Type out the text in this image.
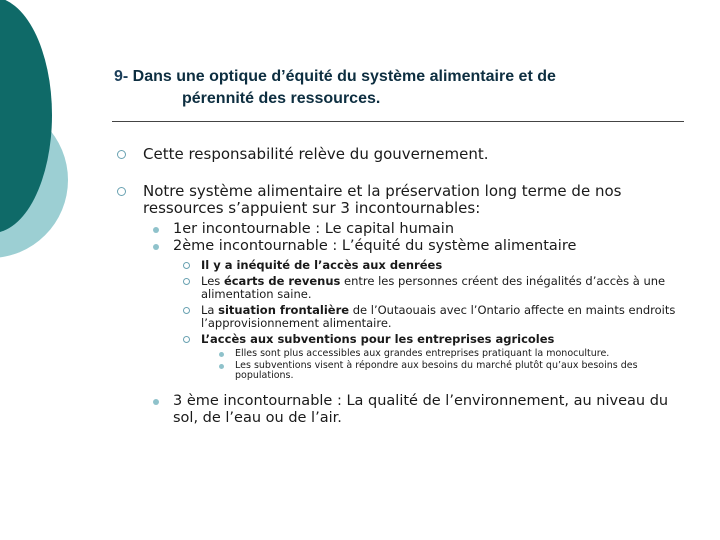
9- Dans une optique d’équité du système alimentaire et de
pérennité des ressources.
Cette responsabilité relève du gouvernement.
Notre système alimentaire et la préservation long terme de nos ressources s’appuient sur 3 incontournables:
1er incontournable : Le capital humain
2ème incontournable : L’équité du système alimentaire
Il y a inéquité de l’accès aux denrées
Les écarts de revenus entre les personnes créent des inégalités d’accès à une alimentation saine.
La situation frontalière de l’Outaouais avec l’Ontario affecte en maints endroits l’approvisionnement alimentaire.
L’accès aux subventions pour les entreprises agricoles
Elles sont plus accessibles aux grandes entreprises pratiquant la monoculture.
Les subventions visent à répondre aux besoins du marché plutôt qu’aux besoins des populations.
3 ème incontournable : La qualité de l’environnement, au niveau du sol, de l’eau ou de l’air.
